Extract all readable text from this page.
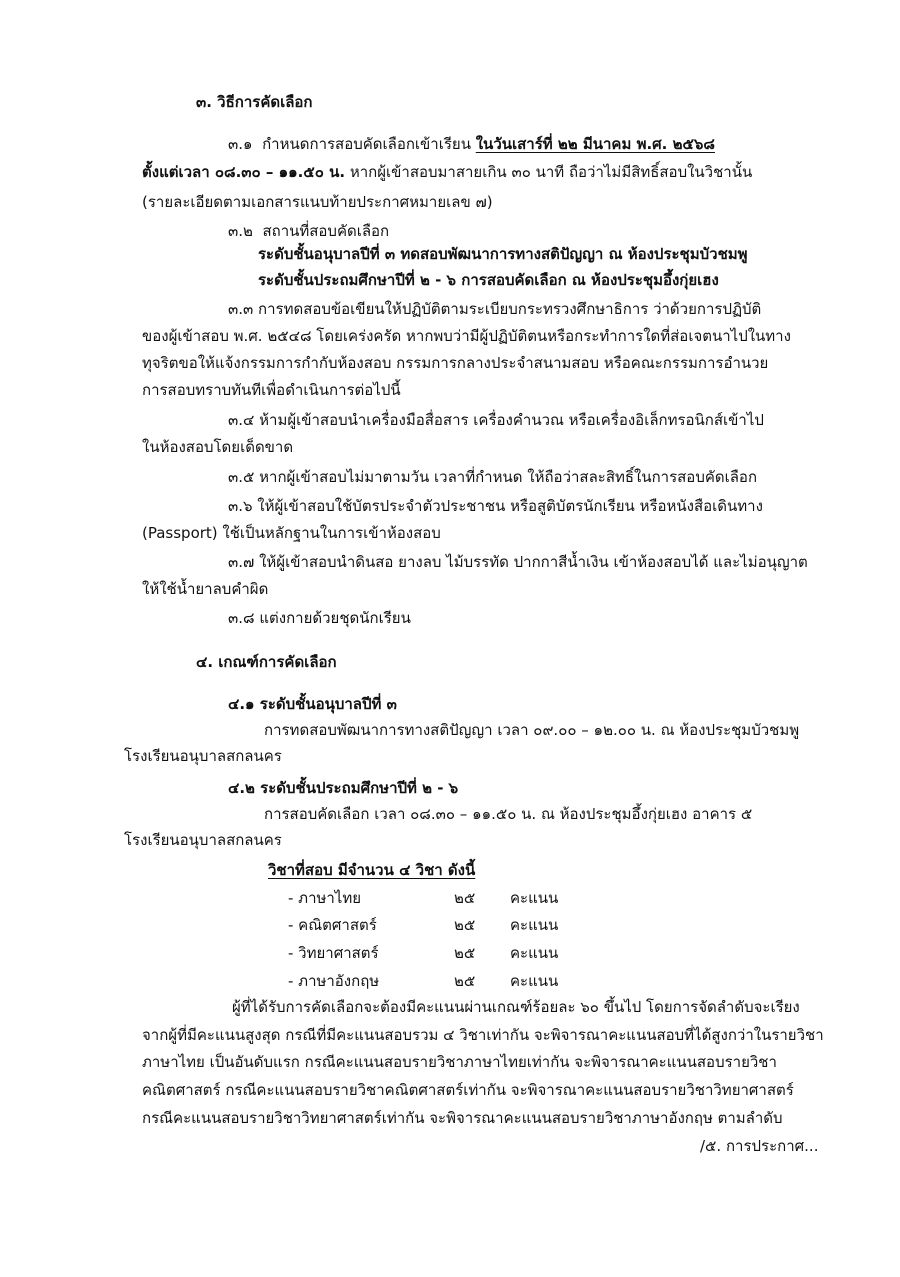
๓. วิธีการคัดเลือก

๓.๑ กำหนดการสอบคัดเลือกเข้าเรียน ในวันเสาร์ที่ ๒๒ มีนาคม พ.ศ. ๒๕๖๘

ตั้งแต่เวลา ๐๘.๓๐ – ๑๑.๕๐ น. หากผู้เข้าสอบมาสายเกิน ๓๐ นาที ถือว่าไม่มีสิทธิ์สอบในวิชานั้น

(รายละเอียดตามเอกสารแนบท้ายประกาศหมายเลข ๗)

๓.๒ สถานที่สอบคัดเลือก

ระดับชั้นอนุบาลปีที่ ๓ ทดสอบพัฒนาการทางสติปัญญา ณ ห้องประชุมบัวชมพู

ระดับชั้นประถมศึกษาปีที่ ๒ - ๖ การสอบคัดเลือก ณ ห้องประชุมอึ้งกุ่ยเฮง

๓.๓ การทดสอบข้อเขียนให้ปฏิบัติตามระเบียบกระทรวงศึกษาธิการ ว่าด้วยการปฏิบัติ

ของผู้เข้าสอบ พ.ศ. ๒๕๔๘ โดยเคร่งครัด หากพบว่ามีผู้ปฏิบัติตนหรือกระทำการใดที่ส่อเจตนาไปในทาง

ทุจริตขอให้แจ้งกรรมการกำกับห้องสอบ กรรมการกลางประจำสนามสอบ หรือคณะกรรมการอำนวย

การสอบทราบทันทีเพื่อดำเนินการต่อไปนี้

๓.๔ ห้ามผู้เข้าสอบนำเครื่องมือสื่อสาร เครื่องคำนวณ หรือเครื่องอิเล็กทรอนิกส์เข้าไป

ในห้องสอบโดยเด็ดขาด

๓.๕ หากผู้เข้าสอบไม่มาตามวัน เวลาที่กำหนด ให้ถือว่าสละสิทธิ์ในการสอบคัดเลือก

๓.๖ ให้ผู้เข้าสอบใช้บัตรประจำตัวประชาชน หรือสูติบัตรนักเรียน หรือหนังสือเดินทาง

(Passport) ใช้เป็นหลักฐานในการเข้าห้องสอบ

๓.๗ ให้ผู้เข้าสอบนำดินสอ ยางลบ ไม้บรรทัด ปากกาสีน้ำเงิน เข้าห้องสอบได้ และไม่อนุญาต

ให้ใช้น้ำยาลบคำผิด

๓.๘ แต่งกายด้วยชุดนักเรียน

๔. เกณฑ์การคัดเลือก

๔.๑ ระดับชั้นอนุบาลปีที่ ๓

การทดสอบพัฒนาการทางสติปัญญา เวลา ๐๙.๐๐ – ๑๒.๐๐ น. ณ ห้องประชุมบัวชมพู

โรงเรียนอนุบาลสกลนคร

๔.๒ ระดับชั้นประถมศึกษาปีที่ ๒ - ๖

การสอบคัดเลือก เวลา ๐๘.๓๐ – ๑๑.๕๐ น. ณ ห้องประชุมอึ้งกุ่ยเฮง อาคาร ๕

โรงเรียนอนุบาลสกลนคร

วิชาที่สอบ มีจำนวน ๔ วิชา ดังนี้

- ภาษาไทย	๒๕ คะแนน
- คณิตศาสตร์	๒๕ คะแนน
- วิทยาศาสตร์	๒๕ คะแนน
- ภาษาอังกฤษ	๒๕ คะแนน

ผู้ที่ได้รับการคัดเลือกจะต้องมีคะแนนผ่านเกณฑ์ร้อยละ ๖๐ ขึ้นไป โดยการจัดลำดับจะเรียง

จากผู้ที่มีคะแนนสูงสุด กรณีที่มีคะแนนสอบรวม ๔ วิชาเท่ากัน จะพิจารณาคะแนนสอบที่ได้สูงกว่าในรายวิชา

ภาษาไทย เป็นอันดับแรก กรณีคะแนนสอบรายวิชาภาษาไทยเท่ากัน จะพิจารณาคะแนนสอบรายวิชา

คณิตศาสตร์ กรณีคะแนนสอบรายวิชาคณิตศาสตร์เท่ากัน จะพิจารณาคะแนนสอบรายวิชาวิทยาศาสตร์

กรณีคะแนนสอบรายวิชาวิทยาศาสตร์เท่ากัน จะพิจารณาคะแนนสอบรายวิชาภาษาอังกฤษ ตามลำดับ

/๕. การประกาศ...
